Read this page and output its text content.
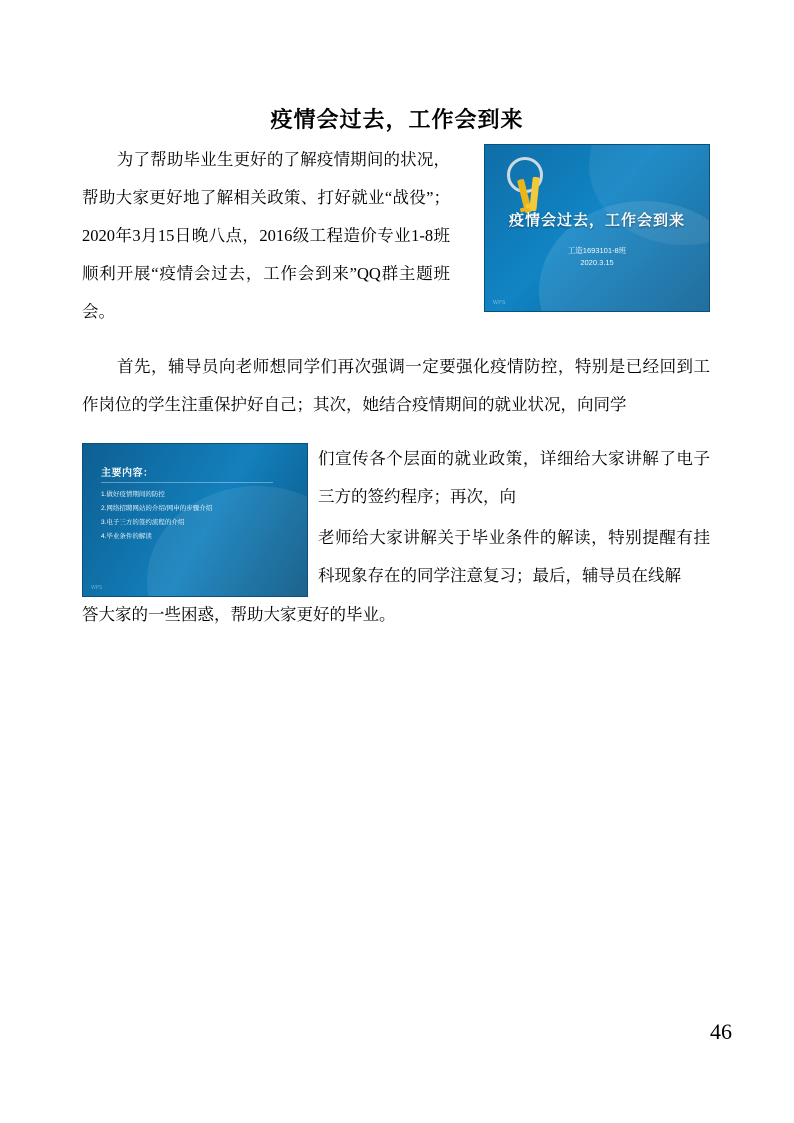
疫情会过去，工作会到来
为了帮助毕业生更好的了解疫情期间的状况，帮助大家更好地了解相关政策、打好就业“战役”；2020年3月15日晚八点，2016级工程造价专业1-8班顺利开展“疫情会过去，工作会到来”QQ群主题班会。
疫情会过去，工作会到来
工造1693101-8班
2020.3.15
WPS
首先，辅导员向老师想同学们再次强调一定要强化疫情防控，特别是已经回到工作岗位的学生注重保护好自己；其次，她结合疫情期间的就业状况，向同学
主要内容：
1.做好疫情期间的防控
2.网络招聘网站的介绍/网申的步骤介绍
3.电子三方的签约流程的介绍
4.毕业条件的解读
WPS
们宣传各个层面的就业政策，详细给大家讲解了电子三方的签约程序；再次，向
老师给大家讲解关于毕业条件的解读，特别提醒有挂科现象存在的同学注意复习；最后，辅导员在线解
答大家的一些困惑，帮助大家更好的毕业。
46
